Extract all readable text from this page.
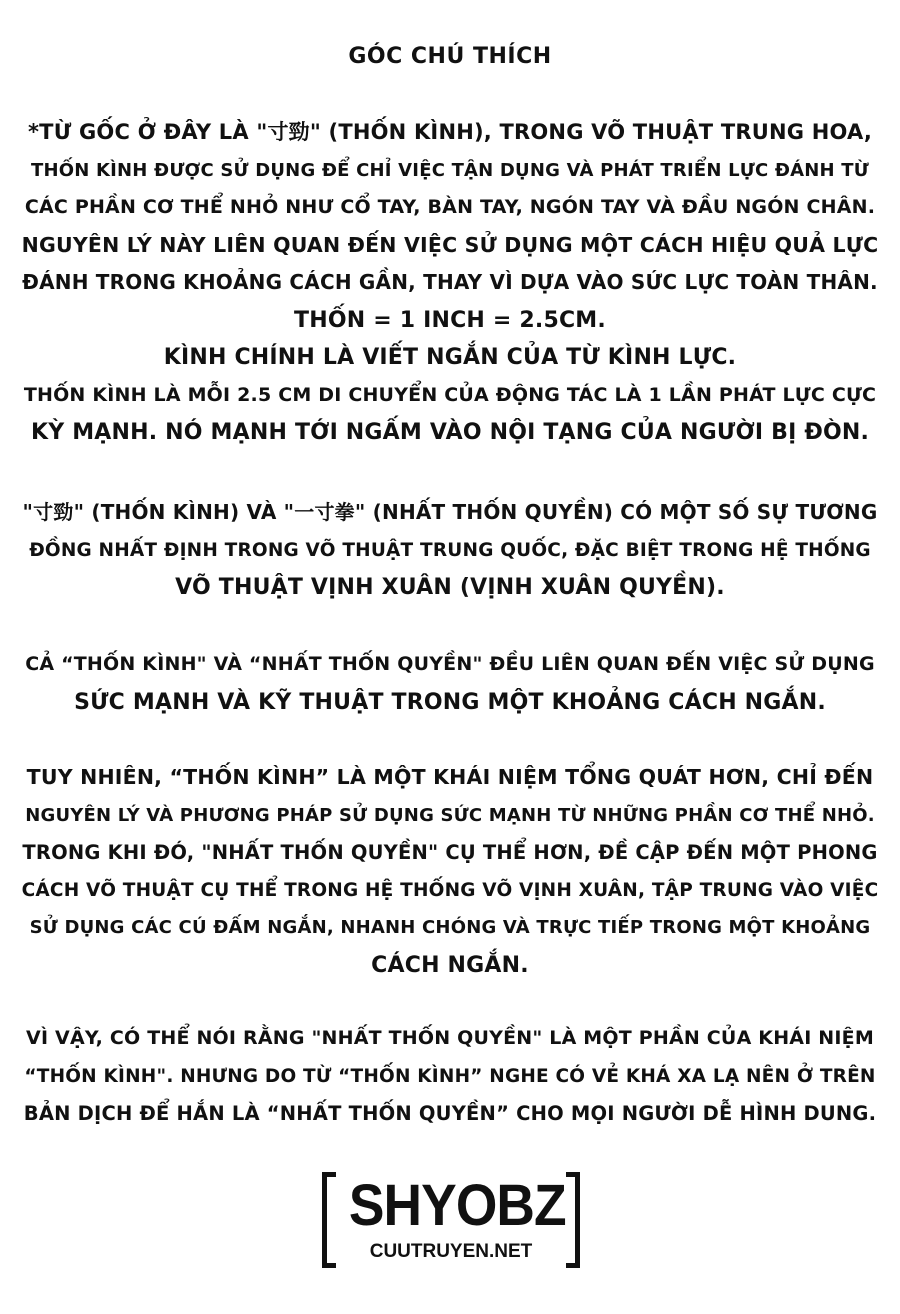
GÓC CHÚ THÍCH
*TỪ GỐC Ở ĐÂY LÀ "寸勁" (THỐN KÌNH), TRONG VÕ THUẬT TRUNG HOA,
THỐN KÌNH ĐƯỢC SỬ DỤNG ĐỂ CHỈ VIỆC TẬN DỤNG VÀ PHÁT TRIỂN LỰC ĐÁNH TỪ
CÁC PHẦN CƠ THỂ NHỎ NHƯ CỔ TAY, BÀN TAY, NGÓN TAY VÀ ĐẦU NGÓN CHÂN.
NGUYÊN LÝ NÀY LIÊN QUAN ĐẾN VIỆC SỬ DỤNG MỘT CÁCH HIỆU QUẢ LỰC
ĐÁNH TRONG KHOẢNG CÁCH GẦN, THAY VÌ DỰA VÀO SỨC LỰC TOÀN THÂN.
THỐN = 1 INCH = 2.5CM.
KÌNH CHÍNH LÀ VIẾT NGẮN CỦA TỪ KÌNH LỰC.
THỐN KÌNH LÀ MỖI 2.5 CM DI CHUYỂN CỦA ĐỘNG TÁC LÀ 1 LẦN PHÁT LỰC CỰC
KỲ MẠNH. NÓ MẠNH TỚI NGẤM VÀO NỘI TẠNG CỦA NGƯỜI BỊ ĐÒN.
"寸勁" (THỐN KÌNH) VÀ "一寸拳" (NHẤT THỐN QUYỀN) CÓ MỘT SỐ SỰ TƯƠNG
ĐỒNG NHẤT ĐỊNH TRONG VÕ THUẬT TRUNG QUỐC, ĐẶC BIỆT TRONG HỆ THỐNG
VÕ THUẬT VỊNH XUÂN (VỊNH XUÂN QUYỀN).
CẢ “THỐN KÌNH" VÀ “NHẤT THỐN QUYỀN" ĐỀU LIÊN QUAN ĐẾN VIỆC SỬ DỤNG
SỨC MẠNH VÀ KỸ THUẬT TRONG MỘT KHOẢNG CÁCH NGẮN.
TUY NHIÊN, “THỐN KÌNH” LÀ MỘT KHÁI NIỆM TỔNG QUÁT HƠN, CHỈ ĐẾN
NGUYÊN LÝ VÀ PHƯƠNG PHÁP SỬ DỤNG SỨC MẠNH TỪ NHỮNG PHẦN CƠ THỂ NHỎ.
TRONG KHI ĐÓ, "NHẤT THỐN QUYỀN" CỤ THỂ HƠN, ĐỀ CẬP ĐẾN MỘT PHONG
CÁCH VÕ THUẬT CỤ THỂ TRONG HỆ THỐNG VÕ VỊNH XUÂN, TẬP TRUNG VÀO VIỆC
SỬ DỤNG CÁC CÚ ĐẤM NGẮN, NHANH CHÓNG VÀ TRỰC TIẾP TRONG MỘT KHOẢNG
CÁCH NGẮN.
VÌ VẬY, CÓ THỂ NÓI RẰNG "NHẤT THỐN QUYỀN" LÀ MỘT PHẦN CỦA KHÁI NIỆM
“THỐN KÌNH". NHƯNG DO TỪ “THỐN KÌNH” NGHE CÓ VẺ KHÁ XA LẠ NÊN Ở TRÊN
BẢN DỊCH ĐỂ HẮN LÀ “NHẤT THỐN QUYỀN” CHO MỌI NGƯỜI DỄ HÌNH DUNG.
SHYOBZ
CUUTRUYEN.NET
